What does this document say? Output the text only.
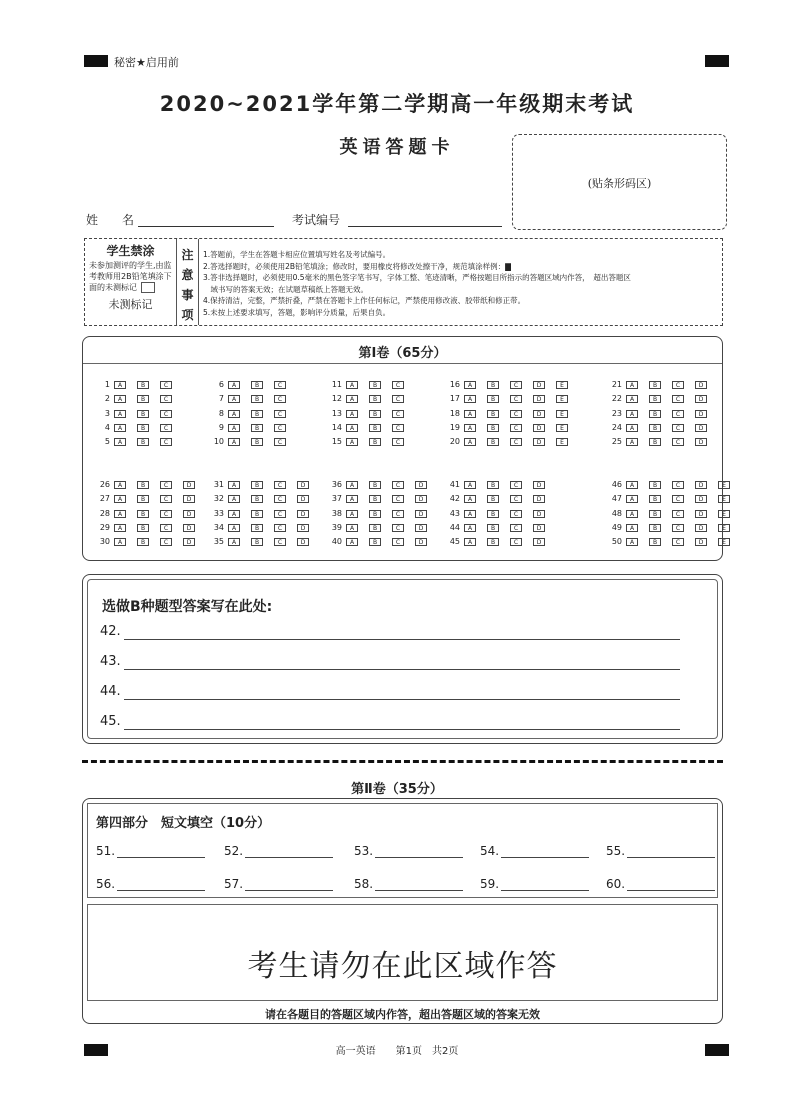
秘密★启用前
2020~2021学年第二学期高一年级期末考试
英语答题卡
(贴条形码区)
姓　　名	考试编号
学生禁涂
未参加测评的学生,由监考教师用2B铅笔填涂下面的未测标记
未测标记
注
意
事
项
1.答题前，学生在答题卡相应位置填写姓名及考试编号。
2.答选择题时，必须使用2B铅笔填涂；修改时，要用橡皮将修改处擦干净，规范填涂样例：▇
3.答非选择题时，必须使用0.5毫米的黑色签字笔书写，字体工整、笔迹清晰，严格按题目所指示的答题区域内作答，　超出答题区
　域书写的答案无效；在试题草稿纸上答题无效。
4.保持清洁，完整，严禁折叠，严禁在答题卡上作任何标记，严禁使用修改液、胶带纸和修正带。
5.未按上述要求填写，答题，影响评分质量，后果自负。
第Ⅰ卷（65分）
1 A	B	C
2 A	B	C
3 A	B	C
4 A	B	C
5 A	B	C
6 A	B	C
7 A	B	C
8 A	B	C
9 A	B	C
10 A	B	C
11 A	B	C
12 A	B	C
13 A	B	C
14 A	B	C
15 A	B	C
16 A	B	C	D	E
17 A	B	C	D	E
18 A	B	C	D	E
19 A	B	C	D	E
20 A	B	C	D	E
21 A	B	C	D
22 A	B	C	D
23 A	B	C	D
24 A	B	C	D
25 A	B	C	D
26 A	B	C	D
27 A	B	C	D
28 A	B	C	D
29 A	B	C	D
30 A	B	C	D
31 A	B	C	D
32 A	B	C	D
33 A	B	C	D
34 A	B	C	D
35 A	B	C	D
36 A	B	C	D
37 A	B	C	D
38 A	B	C	D
39 A	B	C	D
40 A	B	C	D
41 A	B	C	D
42 A	B	C	D
43 A	B	C	D
44 A	B	C	D
45 A	B	C	D
46 A	B	C	D	E
47 A	B	C	D	E
48 A	B	C	D	E
49 A	B	C	D	E
50 A	B	C	D	E
选做B种题型答案写在此处:
42.
43.
44.
45.
第Ⅱ卷（35分）
第四部分　短文填空（10分）
51.	52.	53.	54.	55.
56.	57.	58.	59.	60.
考生请勿在此区域作答
请在各题目的答题区域内作答，超出答题区域的答案无效
高一英语　　第1页　共2页
